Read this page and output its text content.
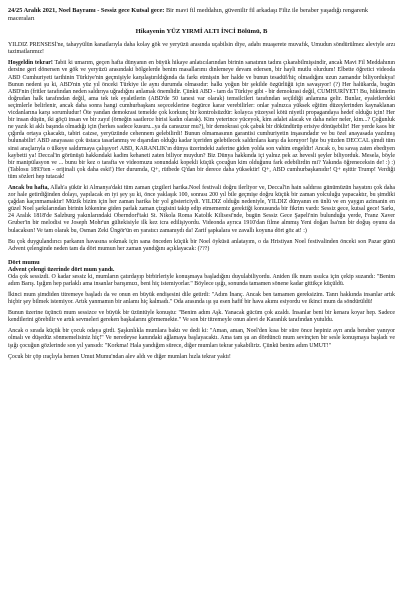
24/25 Aralık 2021, Noel Bayramı - Sessiz gece Kutsal gece: Bir mavi fil meddahın, güvenilir fil arkadaşı Filiz ile beraber yaşadığı rengarenk maceraları

Hikayenin YÜZ YIRMİ ALTI İNCİ Bölümü, B

YILDIZ PRENSESİ'ne, tahayyülün kanatlarıyla daha kolay gök ve yeryüzü arasında uçabilsin diye, adabı muaşerete muvafık, Umudun söndürülmez aleviyle arzı tazimatlarımız!

Hoşgeldin tekrar! Tabii ki umarım, geçen hafta dünyanın en büyük hikaye anlatıcılarından birinin sanatının tadını çıkarabilmişsindir, ancak Mavi Fil Meddahının dersine geri dönersen ve gök ve yeryüzü arasındaki bölgelerde benim masallarımı dinlemeye devam edersen, bir hayli mutlu olurdum! Elbette öğretici videoda ABD Cumhuriyeti tarihinin Türkiye'nin geçmişiyle karşılaştırıldığında da farkı etmişsin her halde ve bunun tesadüf/hiç olmadığını uzun zamandır biliyordukya! Bunun nedeni şu ki, ABD'nin yüz yıl önceki Türkiye ile aynı durumda olmasıdır: halkı yoğun bir şekilde özgürlüğü için savaşıyor! (?) Her halükarda, bugün ABD'nin (fritler tarafından neden saldırıya uğradığını anlamak önemlidir. Çünkü ABD - tam da Türkiye gibi - bir demokrasi değil, CUMHURİYET! Bu, hükümetin doğrudan halk tarafından değil, ama tek tek eyaletlerin (ABD'de 50 tanesi var olarak) temsilcileri tarafından seçildiği anlamına gelir. Bunlar, eyaletlerdeki seçimlerle belirlenir, ancak daha sonra hangi cumhurbaşkanı seçeceklerine özgürce karar verebilirler: onlar yalnızca yüksek eğitim düzeylerinden kaynaklanan vicdanlarına karşı sorumludur! Öte yandan demokrasi temelde çok korkunç bir kontrolsüzdür: kolayca yüzeysel kötü niyetli propagandaya hedef olduğu için! Her bir insan düşün, iki göçü insan ve bir zayıf (örneğin saatlerce birisi kadın olarak). Kim yeterince yüceyok, kim adalet alacak ve daha neler neler, kim...? Çoğunluk ne yazık ki aklı başında olmadığı için (herkes sadece kusuru...ya da cansuzur mu?), bir demokrasi çok çabuk bir dökündürüp erisiye dönüşebilir! Her yerde kaos bir çığırda ortaya çıkacaktı, tabiri caizse, yeryüzünde cehennem gelebilirdi! Bunun olmamasının garantisi cumhuriyetin inşasındadır ve bu özel anayasada yazılmış bulunabilir! ABD anayasası çok üstaca tasarlanmış ve dışarıdan olduğu kadar içeriden gelebilecek saldırılara karşı da koruyor! İşte bu yüzden DECCAL şimdi tüm sinsi araçlarıyla o ülkeye saldırmaya çalışıyor! ABD, KARANLIK'ın dünya üzerindeki zaferine giden yolda son vahim engeldir! Ancak o, bu savaş zaten ebediyen kaybetti ya! Deccal'in görünüşü hakkındaki kadim kehaneti zaten biliyor muydun? Biz Dünya hakkında içi yalnız pek az hevesli şeyler biliyorduk. Mesela, böyle bir manipülasyon ve ... bunu bir kez o tarafta ve videomuzu sonundaki kopekli küçük çocuğun kim olduğunu fark edebilirdin mi? Yakında öğreneceksin de! :) :) (Tablosu 1893'ten - orijinali çok daha eski!) Her durumda, Q+, rütbede Q'dan bir derece daha yüksektir! Q+, ABD cumhurbaşkanıdır! Q+ eşittir Trump! Verdiği tüm sözleri hep tutacak!

Ancak bu hafta, Allah'a şükür ki Almanya'daki tüm zaman çizgileri harika.Noel festivali doğru ilerliyor ve, Deccal'in hain saldırısı günümüzün hayatını çok daha zor hale getirdiğinden dolayı, yapılacak en iyi şey şu ki, önce yaklaşık 100, sonrası 200 yıl bile geçmişe doğru küçük bir zaman yolculuğu yapacaktır, bu şimdiki çağdan kaçınmamaktır! Müzik bizim için her zaman harika bir yol göstericiydi. YILDIZ olduğu nedeniyle, YILDIZ dünyanın en ünlü ve en yaygın azimanin en güzel Noel şarkılarından birinin kökenine giden parlak zaman çizgisini takip edip etmememiz gerektiği konusunda bir fikrim vardı: Sessiz gece, kutsal gece! Sarkı, 24 Aralık 1818'de Salzburg yakınlarındaki Oberndorf'taki St. Nikola Roma Katolik Kilisesi'nde, bugün Sessiz Gece Şapeli'nin bulunduğu yerde, Franz Xaver Gruber'in bir melodisi ve Joseph Mohr'un gültekisiyle ilk kez icra edilişiyordu. Videonda ayrıca 1910'dan filme almmış Yeni doğan İsa'nın bir doğuş oyunu da bulacaksın! Ve tam olarak bu, Osman Zeki Üngör'ün en yaratıcı zamanıydı da! Zarif şapkalara ve zavallı koyuna dört göz at! :)

Bu çok duygulandırıcı parkanın havasına sokmak için sana önceden küçük bir Noel öyküsü anlatayım, o da Hristiyan Noel festivalinden önceki son Pazar günü Advent çelenginde neden tam da dört mumun her zaman yandığını açıklayacak: (???)

Dört mumu
Advent çelengi üzerinde dört mum yandı.

Oda çok sessizdi. O kadar sessiz ki, mumların çatırdayıp birbirleriyle konuşmaya başladığını duyulabiliyordu. Aniden ilk mum usulca için çekip suzandı: "Benim adım Barış. Işığım hep parlaklı ama insanlar barışımızı, beni hiç istemiyorlar." Böylece ışığı, sonunda tamamen sönene kadar gittikçe küçüldü.

İkinci mum şimdiden titremeye başladı da ve onun en büyük endişesini dile getirdi: "Adım İnanç. Ancak ben tamamen gereksizim. Tanrı hakkında insanlar artık hiçbir şey bilmek istemiyor. Artık yanmamın bir anlamı hiç kalmadı." Oda arasında ışı şu esen hafif bir hava akımı esiyordu ve ikinci mum da söndürüldü!

Bunun üzerine üçüncü mum sessizce ve büyük bir üzüntüyle konuştu: "Benim adım Aşk. Yanacak gücüm çok azaldı. İnsanlar beni bir kenara koyar hep. Sadece kendilerini görebilir ve artık sevmeleri gereken başkalarını görmemekte." Ve son bir titremeyle onun alevi de Karanlık tarafından yutuldu.

Ancak o sırada küçük bir çocuk odaya girdi. Şaşkınlıkla mumlara baktı ve dedi ki: "Aman, aman, Noel'den kısa bir süre önce hepiniz ayrı anda beraber yanıyor olmalı ve düşedüz sönmemelisiniz hiç!" Ve neredeyse kanındaki ağlamaya başlayacaktı. Ama tam şu an dördüncü mum sevinçten bir sesle konuşmaya başladı ve işığı çocuğun gözlerinde son yıl yansıdı: "Korkma! Hala yandığım sürece, diğer mumları tekrar yakabiliriz. Çünkü benim adım UMUT!"

Çocuk bir çöp ıraçlıyla hemen Umut Mumu'ndan alev aldı ve diğer mumları hızla tekrar yaktı!
